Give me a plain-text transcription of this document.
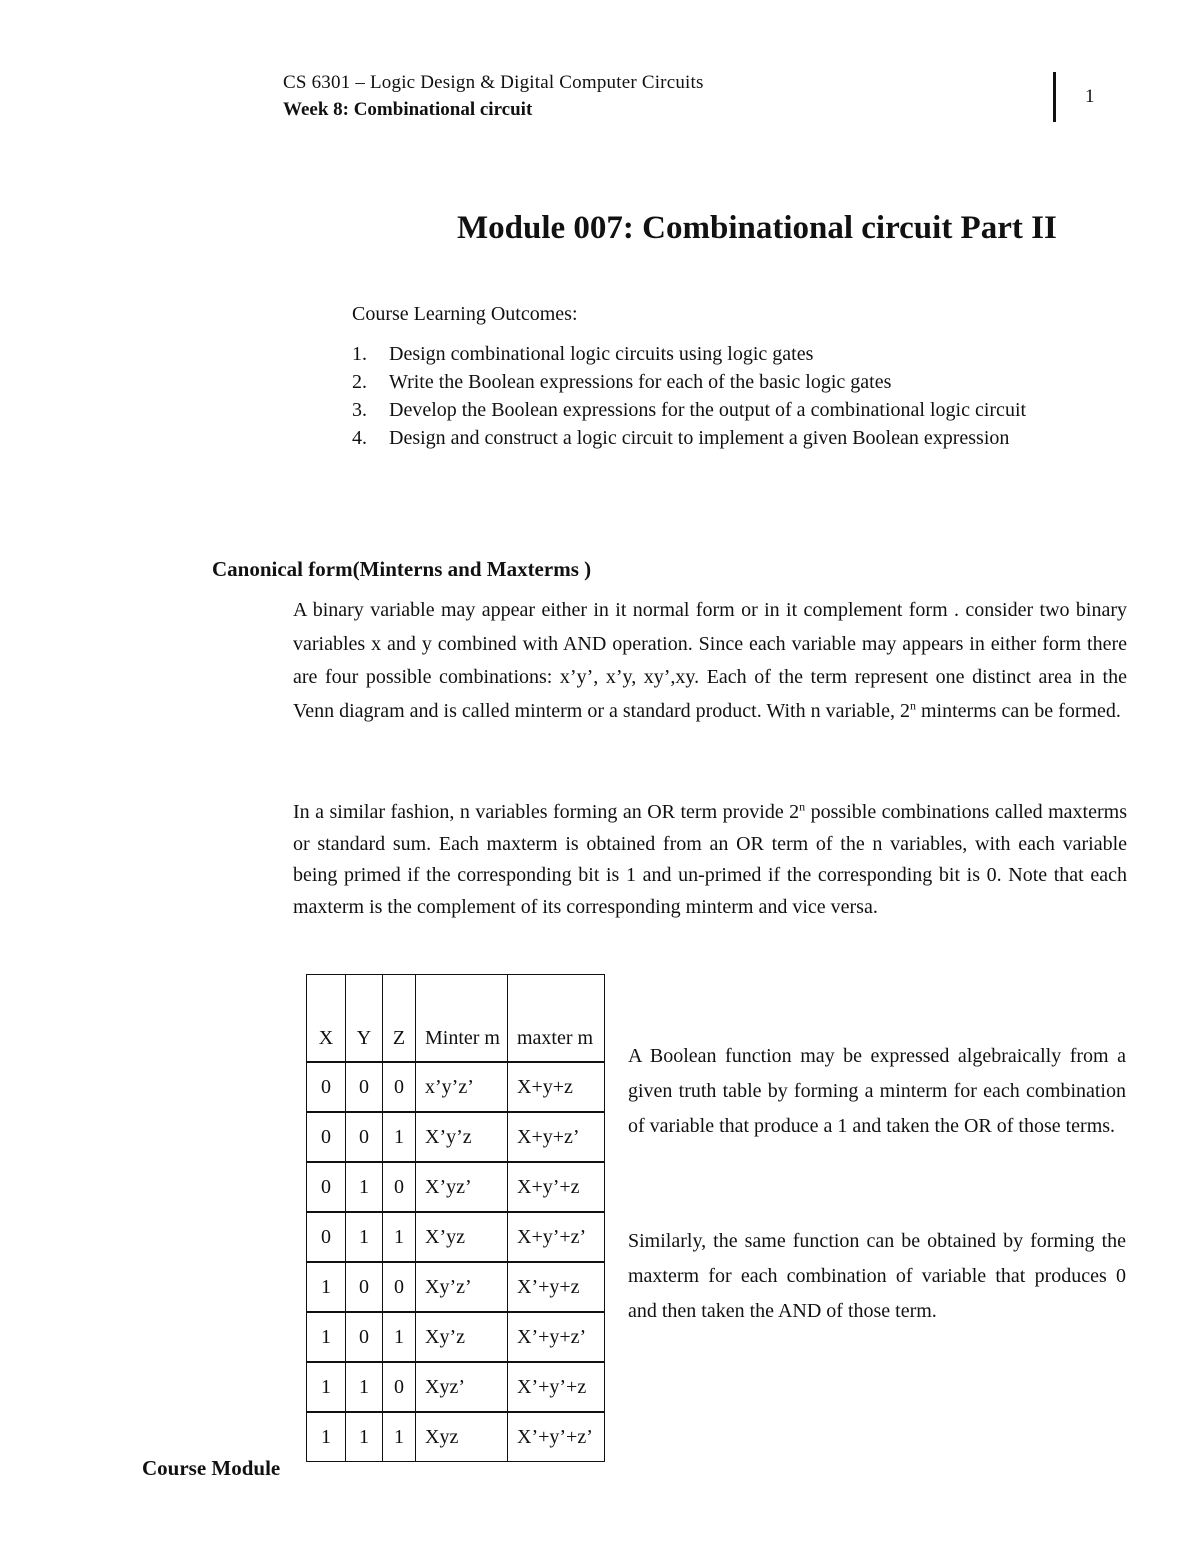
CS 6301 – Logic Design & Digital Computer Circuits
Week 8: Combinational circuit
1
Module 007: Combinational circuit Part II
Course Learning Outcomes:
1. Design combinational logic circuits using logic gates
2. Write the Boolean expressions for each of the basic logic gates
3. Develop the Boolean expressions for the output of a combinational logic circuit
4. Design and construct a logic circuit to implement a given Boolean expression
Canonical form(Minterns and Maxterms )

A binary variable may appear either in it normal form or in it complement form . consider two binary variables x and y combined with AND operation. Since each variable may appears in either form there are four possible combinations: x’y’, x’y, xy’,xy. Each of the term represent one distinct area in the Venn diagram and is called minterm or a standard product. With n variable, 2$^n$ minterms can be formed.

In a similar fashion, n variables forming an OR term provide 2$^n$ possible combinations called maxterms or standard sum. Each maxterm is obtained from an OR term of the n variables, with each variable being primed if the corresponding bit is 1 and un-primed if the corresponding bit is 0. Note that each maxterm is the complement of its corresponding minterm and vice versa.

X	Y	Z	Minter m	maxter m
0	0	0	x’y’z’	X+y+z
0	0	1	X’y’z	X+y+z’
0	1	0	X’yz’	X+y’+z
0	1	1	X’yz	X+y’+z’
1	0	0	Xy’z’	X’+y+z
1	0	1	Xy’z	X’+y+z’
1	1	0	Xyz’	X’+y’+z
1	1	1	Xyz	X’+y’+z’

A Boolean function may be expressed algebraically from a given truth table by forming a minterm for each combination of variable that produce a 1 and taken the OR of those terms.

Similarly, the same function can be obtained by forming the maxterm for each combination of variable that produces 0 and then taken the AND of those term.

Course Module
